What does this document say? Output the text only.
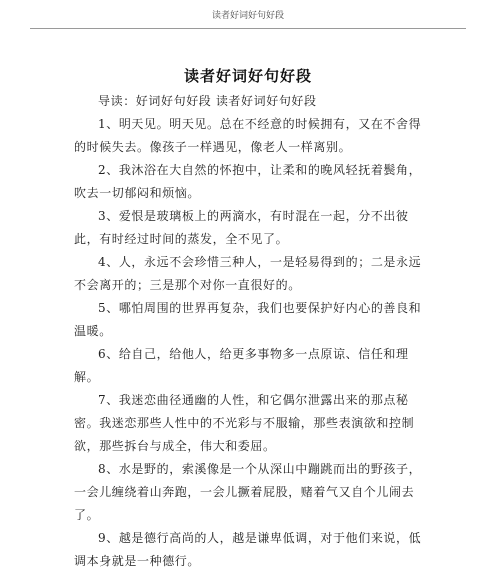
读者好词好句好段
读者好词好句好段

导读：好词好句好段 读者好词好句好段

1、明天见。明天见。总在不经意的时候拥有，又在不舍得的时候失去。像孩子一样遇见，像老人一样离别。

2、我沐浴在大自然的怀抱中，让柔和的晚风轻抚着鬓角，吹去一切郁闷和烦恼。

3、爱恨是玻璃板上的两滴水，有时混在一起，分不出彼此，有时经过时间的蒸发，全不见了。

4、人，永远不会珍惜三种人，一是轻易得到的；二是永远不会离开的；三是那个对你一直很好的。

5、哪怕周围的世界再复杂，我们也要保护好内心的善良和温暖。

6、给自己，给他人，给更多事物多一点原谅、信任和理解。

7、我迷恋曲径通幽的人性，和它偶尔泄露出来的那点秘密。我迷恋那些人性中的不光彩与不服输，那些表演欲和控制欲，那些拆台与成全，伟大和委屈。

8、水是野的，索溪像是一个从深山中蹦跳而出的野孩子，一会儿缠绕着山奔跑，一会儿撅着屁股，赌着气又自个儿闹去了。

9、越是德行高尚的人，越是谦卑低调，对于他们来说，低调本身就是一种德行。
